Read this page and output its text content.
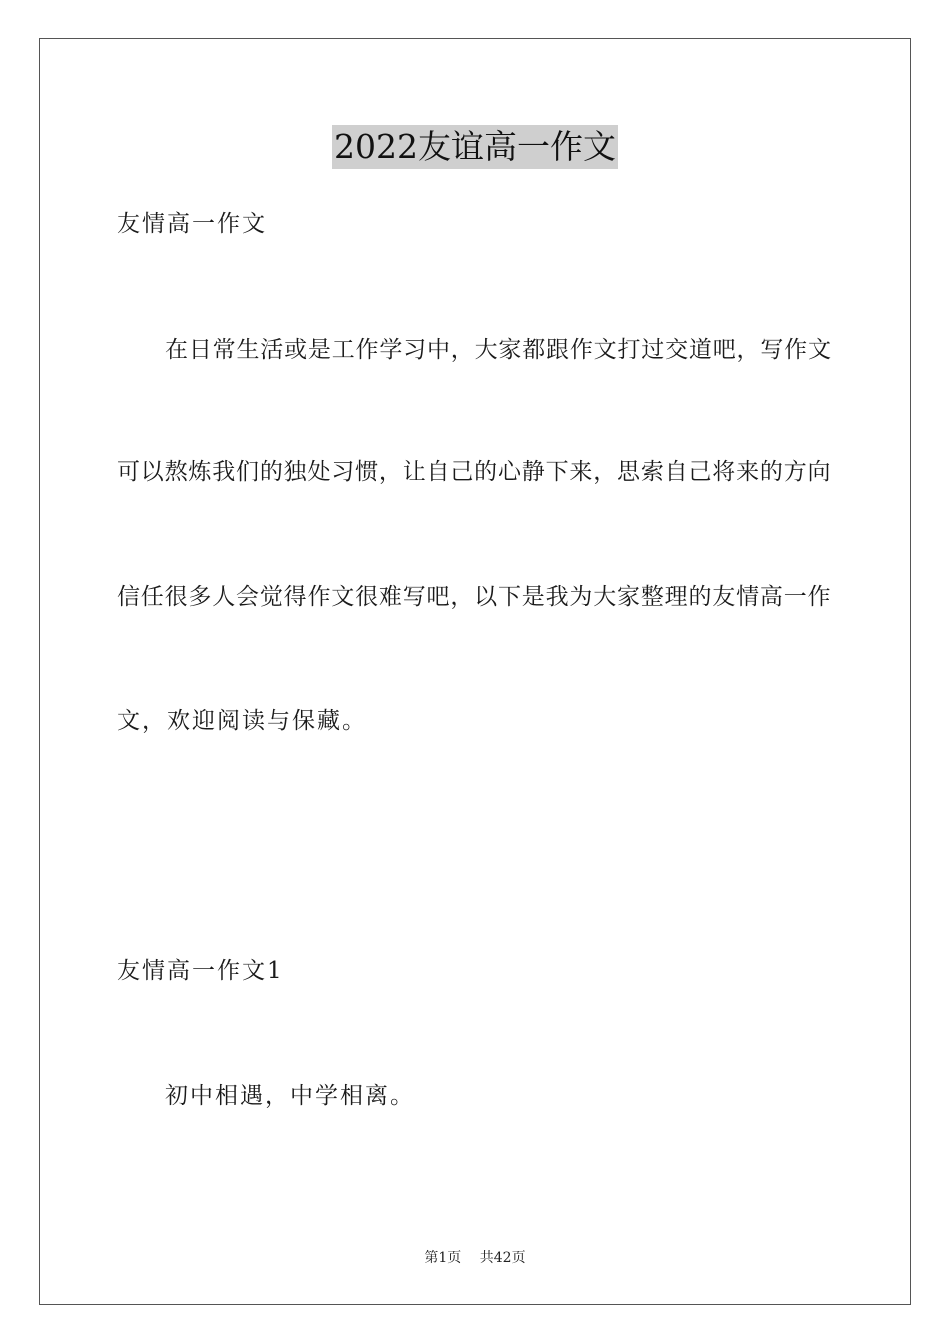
2022友谊高一作文
友情高一作文
在日常生活或是工作学习中，大家都跟作文打过交道吧，写作文
可以熬炼我们的独处习惯，让自己的心静下来，思索自己将来的方向
信任很多人会觉得作文很难写吧，以下是我为大家整理的友情高一作
文，欢迎阅读与保藏。
友情高一作文1
初中相遇，中学相离。
第1页 共42页
